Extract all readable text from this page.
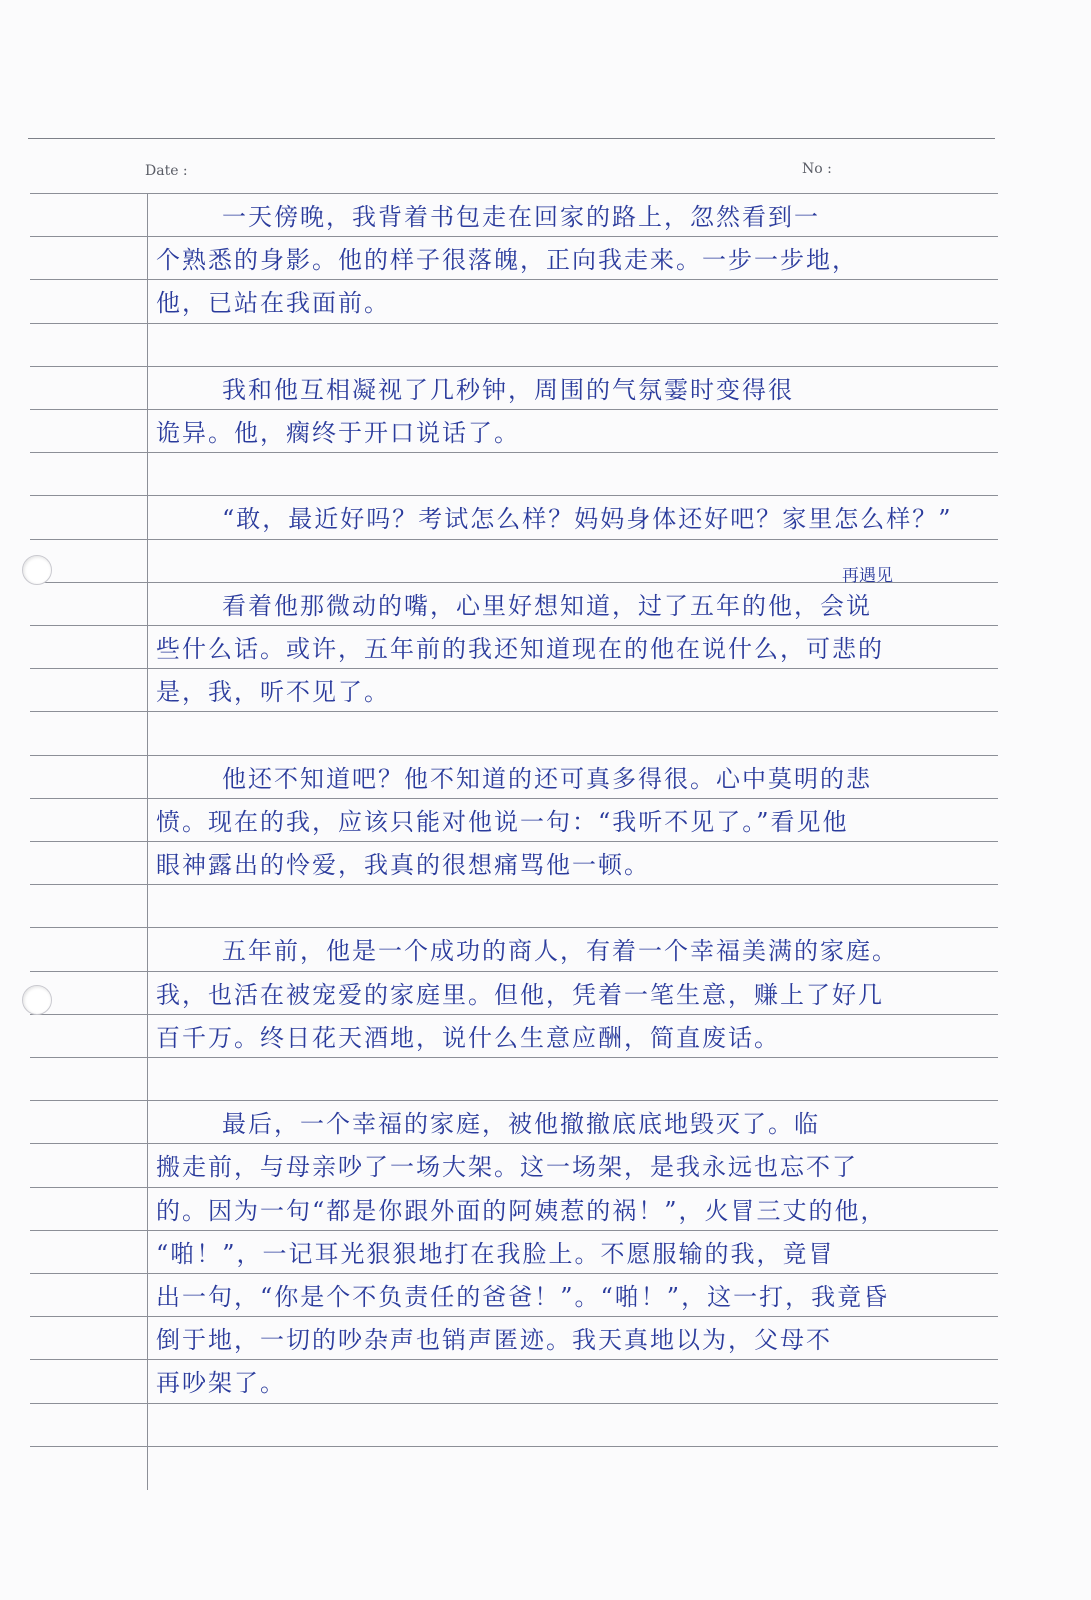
Date :	No :
一天傍晚，我背着书包走在回家的路上，忽然看到一
个熟悉的身影。他的样子很落魄，正向我走来。一步一步地，
他，已站在我面前。
我和他互相凝视了几秒钟，周围的气氛霎时变得很
诡异。他，瘸终于开口说话了。
“敢，最近好吗？考试怎么样？妈妈身体还好吧？家里怎么样？”
看着他那微动的嘴，心里好想知道，过了五年的他，会说
些什么话。或许，五年前的我还知道现在的他在说什么，可悲的
是，我，听不见了。
他还不知道吧？他不知道的还可真多得很。心中莫明的悲
愤。现在的我，应该只能对他说一句：“我听不见了。”看见他
眼神露出的怜爱，我真的很想痛骂他一顿。
五年前，他是一个成功的商人，有着一个幸福美满的家庭。
我，也活在被宠爱的家庭里。但他，凭着一笔生意，赚上了好几
百千万。终日花天酒地，说什么生意应酬，简直废话。
最后，一个幸福的家庭，被他撤撤底底地毁灭了。临
搬走前，与母亲吵了一场大架。这一场架，是我永远也忘不了
的。因为一句“都是你跟外面的阿姨惹的祸！”，火冒三丈的他，
“啪！”，一记耳光狠狠地打在我脸上。不愿服输的我，竟冒
出一句，“你是个不负责任的爸爸！”。“啪！”，这一打，我竟昏
倒于地，一切的吵杂声也销声匿迹。我天真地以为，父母不
再吵架了。
再遇见
